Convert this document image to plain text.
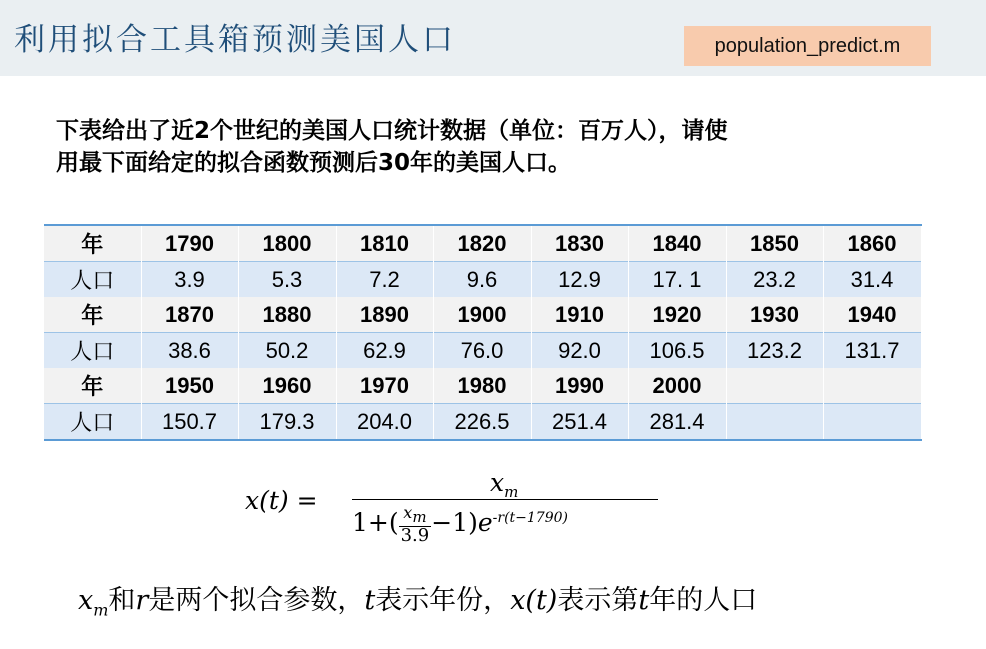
利用拟合工具箱预测美国人口	population_predict.m
下表给出了近2个世纪的美国人口统计数据（单位：百万人），请使
用最下面给定的拟合函数预测后30年的美国人口。
年	1790	1800	1810	1820	1830	1840	1850	1860
人口	3.9	5.3	7.2	9.6	12.9	17. 1	23.2	31.4
年	1870	1880	1890	1900	1910	1920	1930	1940
人口	38.6	50.2	62.9	76.0	92.0	106.5	123.2	131.7
年	1950	1960	1970	1980	1990	2000		
人口	150.7	179.3	204.0	226.5	251.4	281.4		
x(t) =
$x_m$
$1+( \frac{x_m}{3.9} -1)e^{-r(t-1790)}$
$x_m$和r是两个拟合参数，t表示年份，x(t)表示第t年的人口
